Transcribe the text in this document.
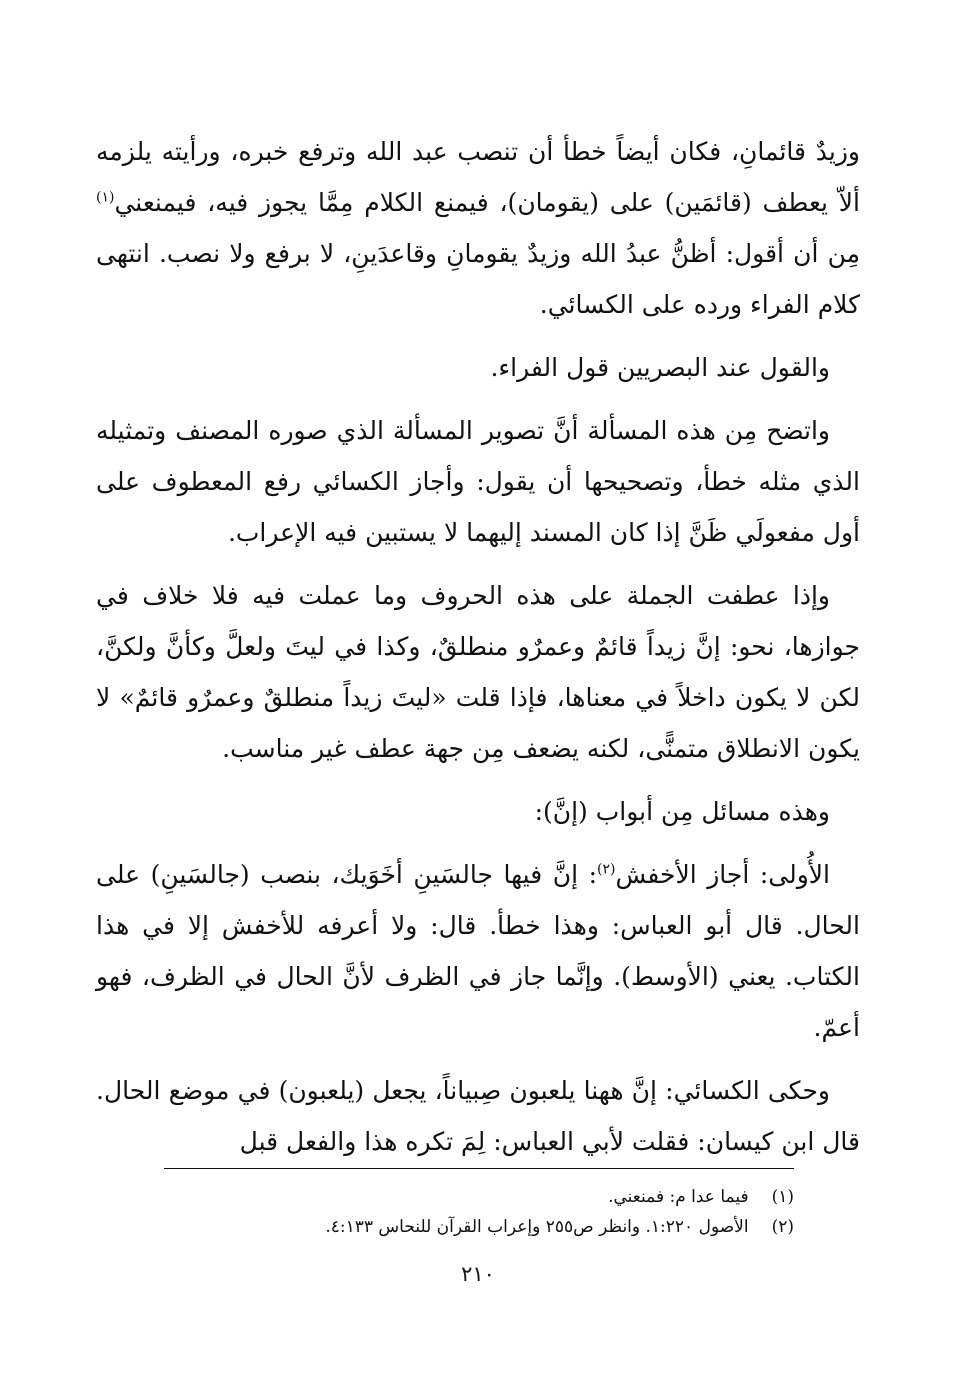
وزيدٌ قائمانِ، فكان أيضاً خطأ أن تنصب عبد الله وترفع خبره، ورأيته يلزمه ألاّ يعطف (قائمَين) على (يقومان)، فيمنع الكلام مِمَّا يجوز فيه، فيمنعني$^{(١)}$ مِن أن أقول: أظنُّ عبدُ الله وزيدٌ يقومانِ وقاعدَينِ، لا برفع ولا نصب. انتهى كلام الفراء ورده على الكسائي.

والقول عند البصريين قول الفراء.

واتضح مِن هذه المسألة أنَّ تصوير المسألة الذي صوره المصنف وتمثيله الذي مثله خطأ، وتصحيحها أن يقول: وأجاز الكسائي رفع المعطوف على أول مفعولَي ظَنَّ إذا كان المسند إليهما لا يستبين فيه الإعراب.

وإذا عطفت الجملة على هذه الحروف وما عملت فيه فلا خلاف في جوازها، نحو: إنَّ زيداً قائمٌ وعمرٌو منطلقٌ، وكذا في ليتَ ولعلَّ وكأنَّ ولكنَّ، لكن لا يكون داخلاً في معناها، فإذا قلت «ليتَ زيداً منطلقٌ وعمرٌو قائمٌ» لا يكون الانطلاق متمنًّى، لكنه يضعف مِن جهة عطف غير مناسب.

وهذه مسائل مِن أبواب (إنَّ):

الأُولى: أجاز الأخفش$^{(٢)}$: إنَّ فيها جالسَينِ أخَوَيك، بنصب (جالسَينِ) على الحال. قال أبو العباس: وهذا خطأ. قال: ولا أعرفه للأخفش إلا في هذا الكتاب. يعني (الأوسط). وإنَّما جاز في الظرف لأنَّ الحال في الظرف، فهو أعمّ.

وحكى الكسائي: إنَّ ههنا يلعبون صِبياناً، يجعل (يلعبون) في موضع الحال. قال ابن كيسان: فقلت لأبي العباس: لِمَ تكره هذا والفعل قبل

(١) فيما عدا م: فمنعني.
(٢) الأصول ١:٢٢٠. وانظر ص٢٥٥ وإعراب القرآن للنحاس ٤:١٣٣.
٢١٠
